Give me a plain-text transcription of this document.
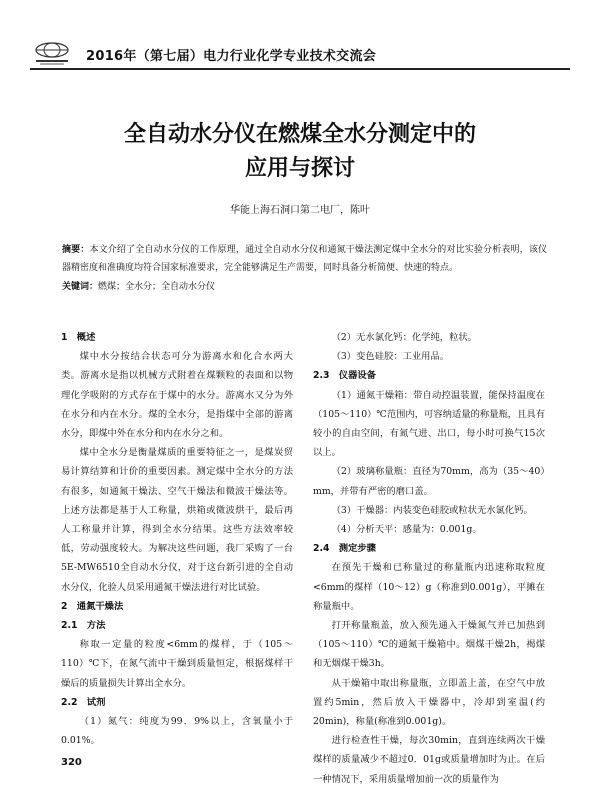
2016年（第七届）电力行业化学专业技术交流会
全自动水分仪在燃煤全水分测定中的
应用与探讨
华能上海石洞口第二电厂，陈叶
摘要：本文介绍了全自动水分仪的工作原理，通过全自动水分仪和通氮干燥法测定煤中全水分的对比实验分析表明，该仪器精密度和准确度均符合国家标准要求，完全能够满足生产需要，同时具备分析简便、快速的特点。
关键词：燃煤；全水分；全自动水分仪

1　概述

煤中水分按结合状态可分为游离水和化合水两大类。游离水是指以机械方式附着在煤颗粒的表面和以物理化学吸附的方式存在于煤中的水分。游离水又分为外在水分和内在水分。煤的全水分，是指煤中全部的游离水分，即煤中外在水分和内在水分之和。

煤中全水分是衡量煤质的重要特征之一，是煤炭贸易计算结算和计价的重要因素。测定煤中全水分的方法有很多，如通氮干燥法、空气干燥法和微波干燥法等。上述方法都是基于人工称量，烘箱或微波烘干，最后再人工称量并计算，得到全水分结果。这些方法效率较低，劳动强度较大。为解决这些问题，我厂采购了一台5E-MW6510全自动水分仪，对于这台新引进的全自动水分仪，化验人员采用通氮干燥法进行对比试验。

2　通氮干燥法

2.1　方法

称取一定量的粒度<6mm的煤样，于（105～110）℃下，在氮气流中干燥到质量恒定，根据煤样干燥后的质量损失计算出全水分。

2.2　试剂

（1）氮气：纯度为99．9%以上，含氧量小于0.01%。

（2）无水氯化钙：化学纯，粒状。

（3）变色硅胶：工业用品。

2.3　仪器设备

（1）通氮干燥箱：带自动控温装置，能保持温度在（105～110）℃范围内，可容纳适量的称量瓶，且具有较小的自由空间，有氮气进、出口，每小时可换气15次以上。

（2）玻璃称量瓶：直径为70mm，高为（35～40）mm，并带有严密的磨口盖。

（3）干燥器：内装变色硅胶或粒状无水氯化钙。

（4）分析天平：感量为：0.001g。

2.4　测定步骤

在预先干燥和已称量过的称量瓶内迅速称取粒度<6mm的煤样（10～12）g（称准到0.001g），平摊在称量瓶中。

打开称量瓶盖，放入预先通入干燥氮气并已加热到（105～110）℃的通氮干燥箱中。烟煤干燥2h，褐煤和无烟煤干燥3h。

从干燥箱中取出称量瓶，立即盖上盖，在空气中放置约5min，然后放入干燥器中，冷却到室温(约20min)，称量(称准到0.001g)。

进行检查性干燥，每次30min，直到连续两次干燥煤样的质量减少不超过0．01g或质量增加时为止。在后一种情况下，采用质量增加前一次的质量作为

320
